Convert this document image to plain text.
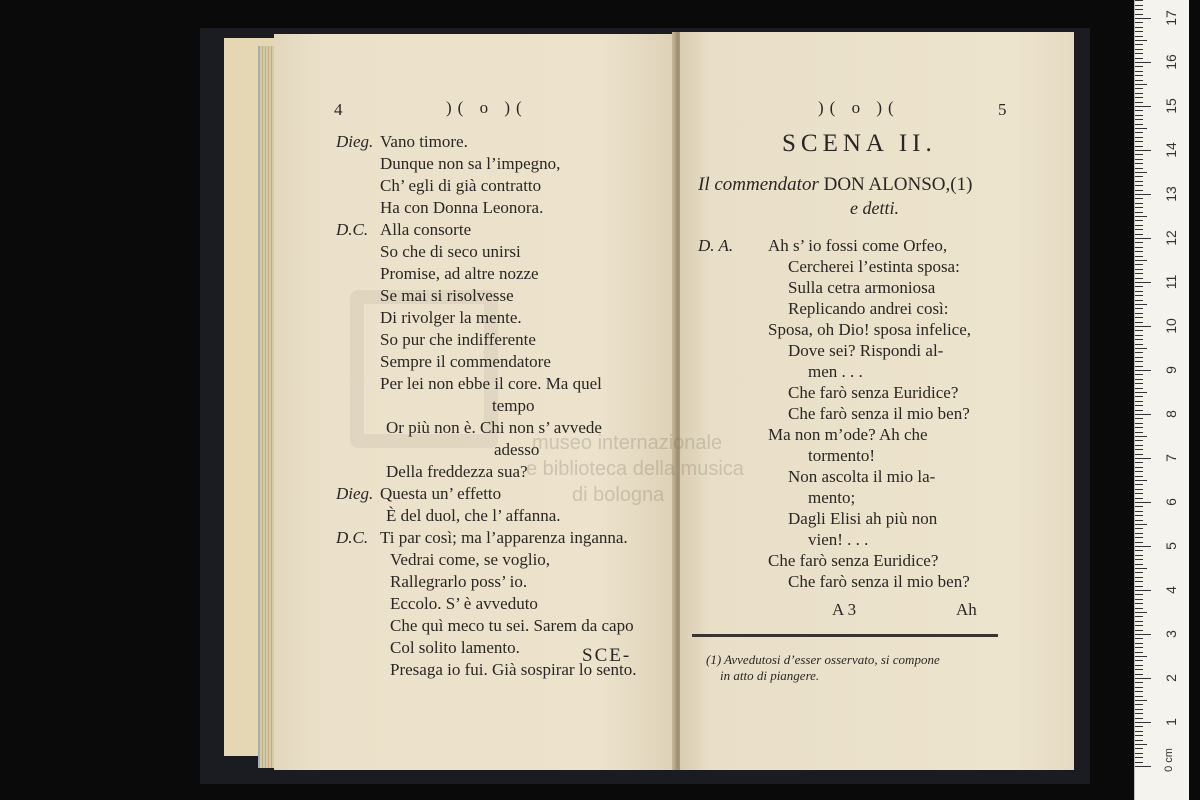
4	)( o )(
Dieg. Vano timore.
Dunque non sa l’impegno,
Ch’ egli di già contratto
Ha con Donna Leonora.
D.C. Alla consorte
So che di seco unirsi
Promise, ad altre nozze
Se mai si risolvesse
Di rivolger la mente.
So pur che indifferente
Sempre il commendatore
Per lei non ebbe il core. Ma quel
tempo
Or più non è. Chi non s’ avvede
adesso
Della freddezza sua?
Dieg. Questa un’ effetto
È del duol, che l’ affanna.
D.C. Ti par così; ma l’apparenza inganna.
Vedrai come, se voglio,
Rallegrarlo poss’ io.
Eccolo. S’ è avveduto
Che quì meco tu sei. Sarem da capo
Col solito lamento.
Presaga io fui. Già sospirar lo sento.
SCE-
)( o )(	5
SCENA II.
Il commendator DON ALONSO,(1)
e detti.
D. A. Ah s’ io fossi come Orfeo,
Cercherei l’estinta sposa:
Sulla cetra armoniosa
Replicando andrei così:
Sposa, oh Dio! sposa infelice,
Dove sei? Rispondi al-
men . . .
Che farò senza Euridice?
Che farò senza il mio ben?
Ma non m’ode? Ah che
tormento!
Non ascolta il mio la-
mento;
Dagli Elisi ah più non
vien! . . .
Che farò senza Euridice?
Che farò senza il mio ben?
A 3	Ah
(1) Avvedutosi d’esser osservato, si compone
in atto di piangere.
museo internazionale
e biblioteca della musica
di bologna
0 cm
1
2
3
4
5
6
7
8
9
10
11
12
13
14
15
16
17
